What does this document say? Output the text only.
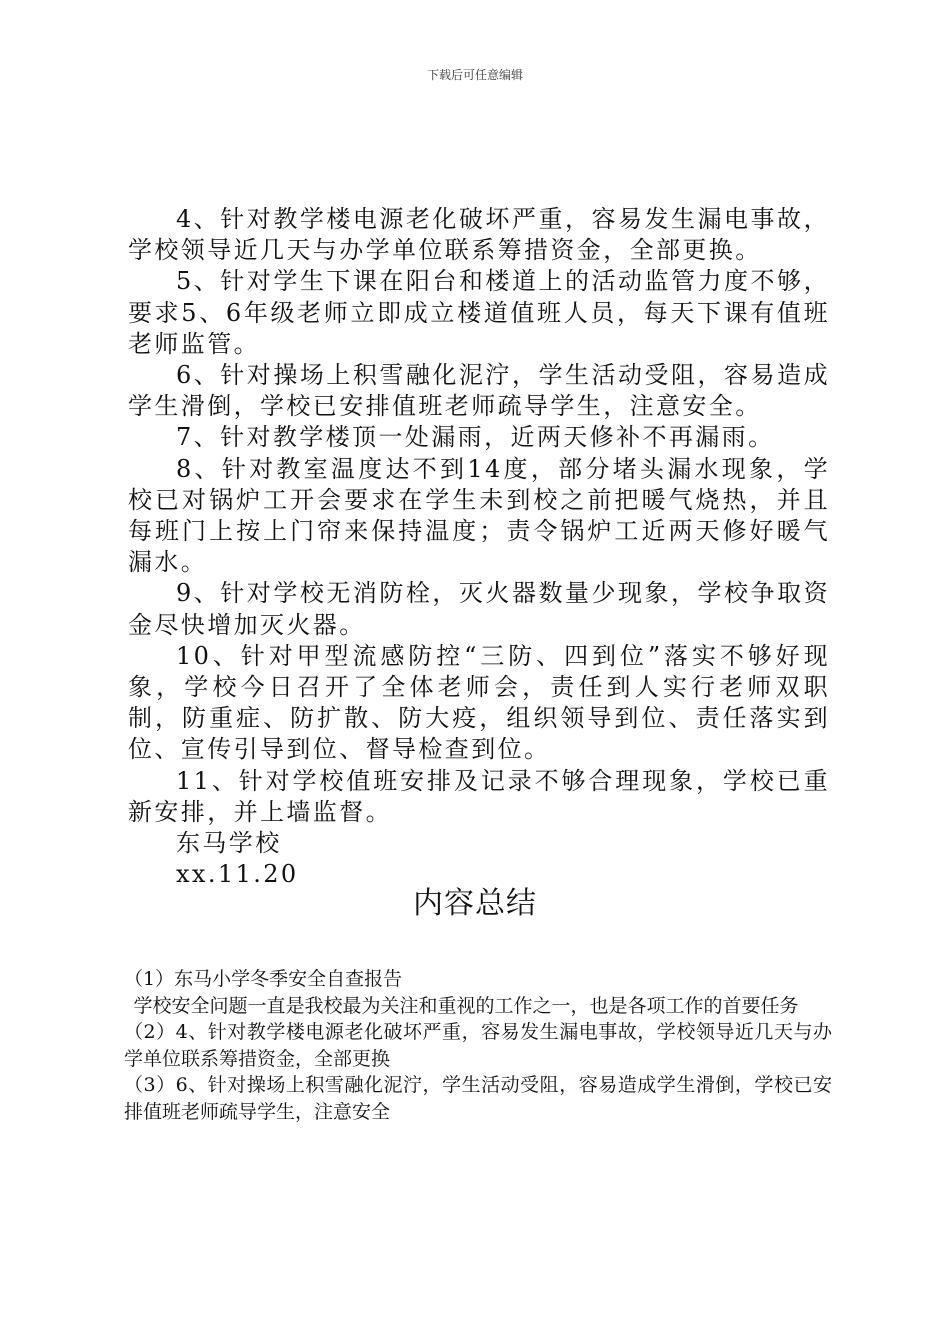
下载后可任意编辑

4、针对教学楼电源老化破坏严重，容易发生漏电事故，学校领导近几天与办学单位联系筹措资金，全部更换。

5、针对学生下课在阳台和楼道上的活动监管力度不够，要求5、6年级老师立即成立楼道值班人员，每天下课有值班老师监管。

6、针对操场上积雪融化泥泞，学生活动受阻，容易造成学生滑倒，学校已安排值班老师疏导学生，注意安全。

7、针对教学楼顶一处漏雨，近两天修补不再漏雨。

8、针对教室温度达不到14度，部分堵头漏水现象，学校已对锅炉工开会要求在学生未到校之前把暖气烧热，并且每班门上按上门帘来保持温度；责令锅炉工近两天修好暖气漏水。

9、针对学校无消防栓，灭火器数量少现象，学校争取资金尽快增加灭火器。

10、针对甲型流感防控“三防、四到位”落实不够好现象，学校今日召开了全体老师会，责任到人实行老师双职制，防重症、防扩散、防大疫，组织领导到位、责任落实到位、宣传引导到位、督导检查到位。

11、针对学校值班安排及记录不够合理现象，学校已重新安排，并上墙监督。

东马学校

xx.11.20

内容总结

（1）东马小学冬季安全自查报告

学校安全问题一直是我校最为关注和重视的工作之一，也是各项工作的首要任务

（2）4、针对教学楼电源老化破坏严重，容易发生漏电事故，学校领导近几天与办学单位联系筹措资金，全部更换

（3）6、针对操场上积雪融化泥泞，学生活动受阻，容易造成学生滑倒，学校已安排值班老师疏导学生，注意安全
